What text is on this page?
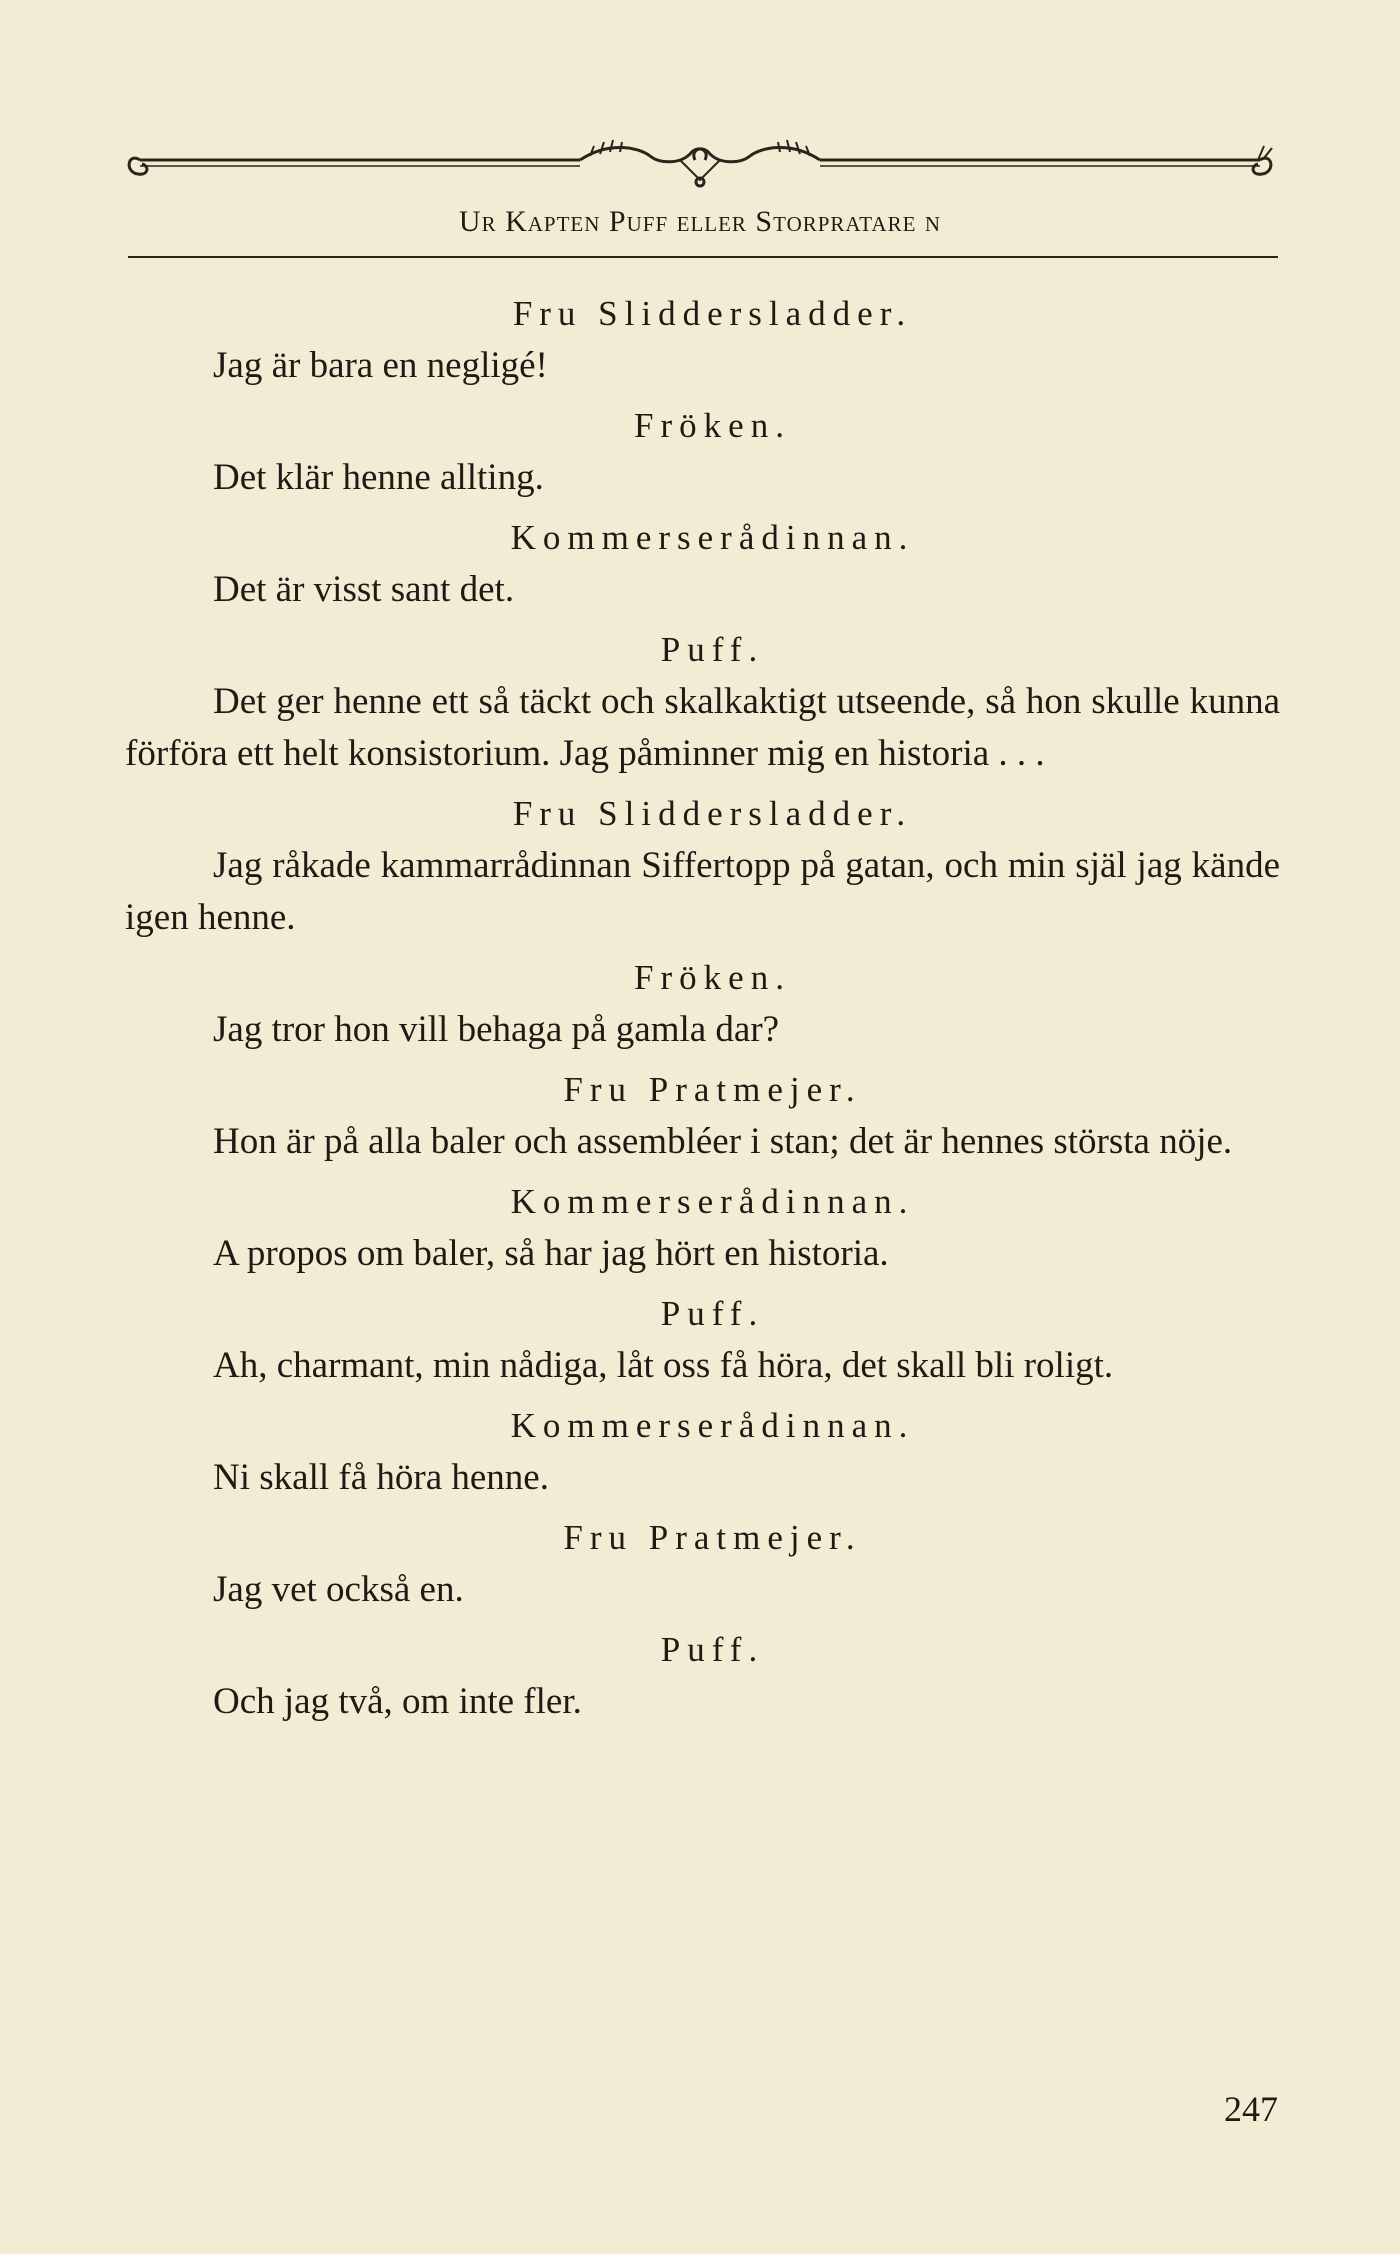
Ur Kapten Puff eller Storpratare n
Fru Sliddersladder.

Jag är bara en negligé!

Fröken.

Det klär henne allting.

Kommerserådinnan.

Det är visst sant det.

Puff.

Det ger henne ett så täckt och skalkaktigt utseende, så hon skulle kunna förföra ett helt konsistorium. Jag påminner mig en historia . . .

Fru Sliddersladder.

Jag råkade kammarrådinnan Siffertopp på gatan, och min själ jag kände igen henne.

Fröken.

Jag tror hon vill behaga på gamla dar?

Fru Pratmejer.

Hon är på alla baler och assembléer i stan; det är hennes största nöje.

Kommerserådinnan.

A propos om baler, så har jag hört en historia.

Puff.

Ah, charmant, min nådiga, låt oss få höra, det skall bli roligt.

Kommerserådinnan.

Ni skall få höra henne.

Fru Pratmejer.

Jag vet också en.

Puff.

Och jag två, om inte fler.

247
